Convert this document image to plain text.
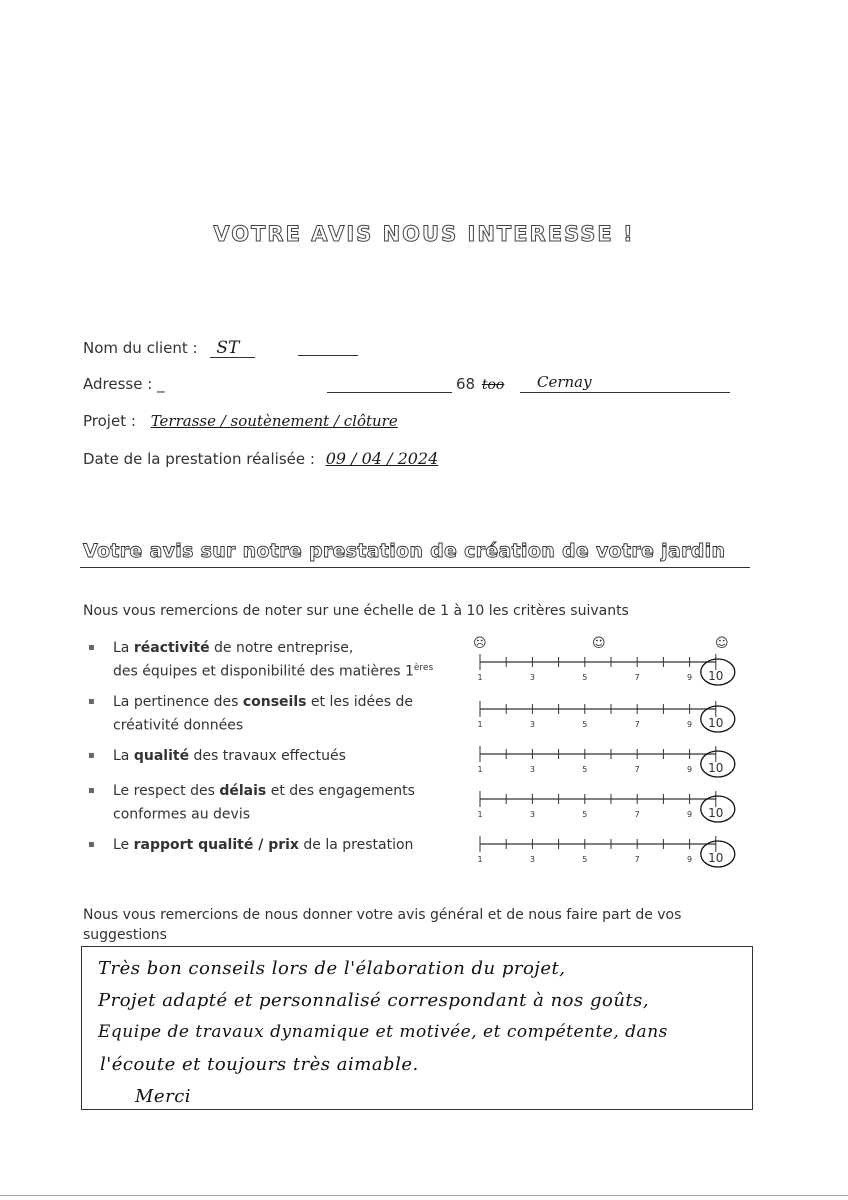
VOTRE AVIS NOUS INTERESSE !
Nom du client : ST
Adresse : _	68 too Cernay
Projet : Terrasse / soutènement / clôture
Date de la prestation réalisée : 09 / 04 / 2024
Votre avis sur notre prestation de création de votre jardin
Nous vous remercions de noter sur une échelle de 1 à 10 les critères suivants
☹	☺	☺
▪ La réactivité de notre entreprise,
des équipes et disponibilité des matières 1ères
▪ La pertinence des conseils et les idées de
créativité données
▪ La qualité des travaux effectués

▪ Le respect des délais et des engagements
conformes au devis
▪ Le rapport qualité / prix de la prestation

Nous vous remercions de nous donner votre avis général et de nous faire part de vos suggestions
Très bon conseils lors de l'élaboration du projet,
Projet adapté et personnalisé correspondant à nos goûts,
Equipe de travaux dynamique et motivée, et compétente, dans
l'écoute et toujours très aimable.
Merci
1	3	5	7	9 10
1	3	5	7	9 10
1	3	5	7	9 10
1	3	5	7	9 10
1	3	5	7	9 10
